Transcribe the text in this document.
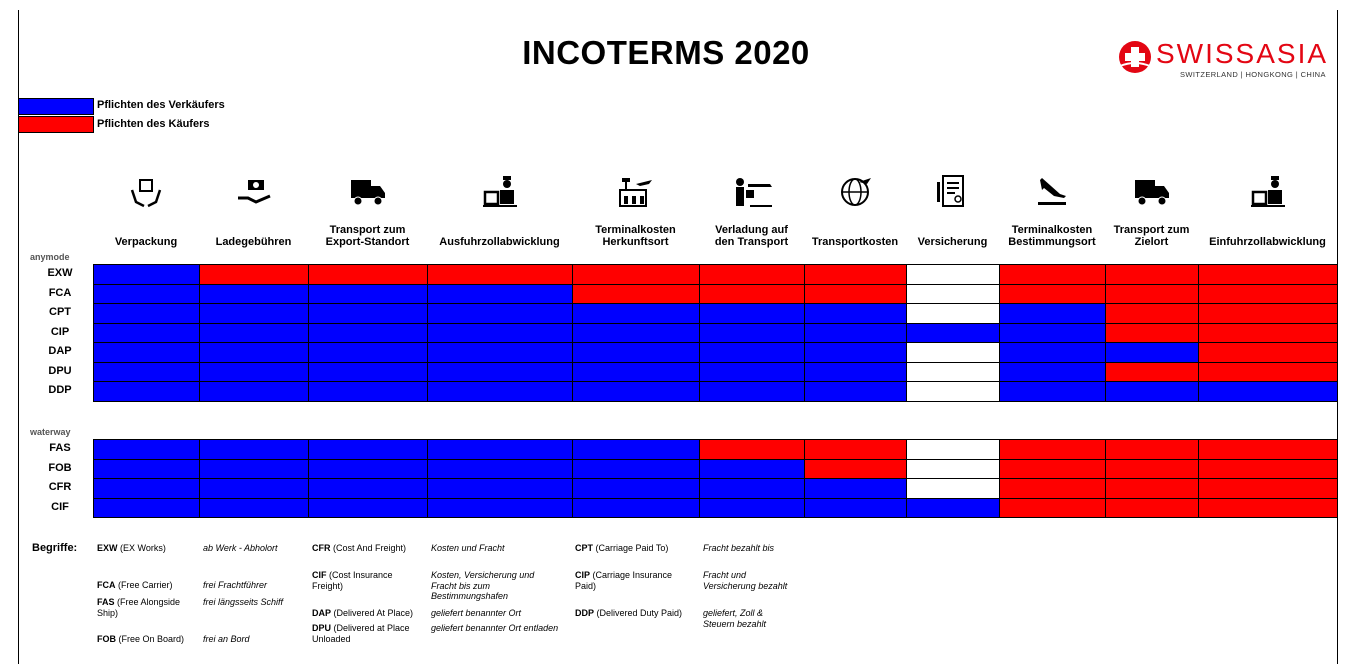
INCOTERMS 2020	SWISSASIA
SWITZERLAND | HONGKONG | CHINA
Pflichten des Verkäufers
Pflichten des Käufers
Verpackung	Ladegebühren
Transport zum
Export-Standort	Ausfuhrzollabwicklung
Terminalkosten
Herkunftsort
Verladung auf
den Transport	Transportkosten	Versicherung
Terminalkosten
Bestimmungsort
Transport zum
Zielort	Einfuhrzollabwicklung
anymode
EXW
FCA
CPT
CIP
DAP
DPU
DDP
waterway
FAS
FOB
CFR
CIF
Begriffe: EXW (EX Works)	ab Werk - Abholort
FCA (Free Carrier)	frei Frachtführer
FAS (Free Alongside
Ship)
frei längsseits Schiff
FOB (Free On Board)	frei an Bord
CFR (Cost And Freight)	Kosten und Fracht
CIF (Cost Insurance
Freight)
Kosten, Versicherung und
Fracht bis zum
Bestimmungshafen
DAP (Delivered At Place)	geliefert benannter Ort
DPU (Delivered at Place
Unloaded
geliefert benannter Ort entladen
CPT (Carriage Paid To)	Fracht bezahlt bis
CIP (Carriage Insurance
Paid)
Fracht und
Versicherung bezahlt
DDP (Delivered Duty Paid)	geliefert, Zoll &
Steuern bezahlt
